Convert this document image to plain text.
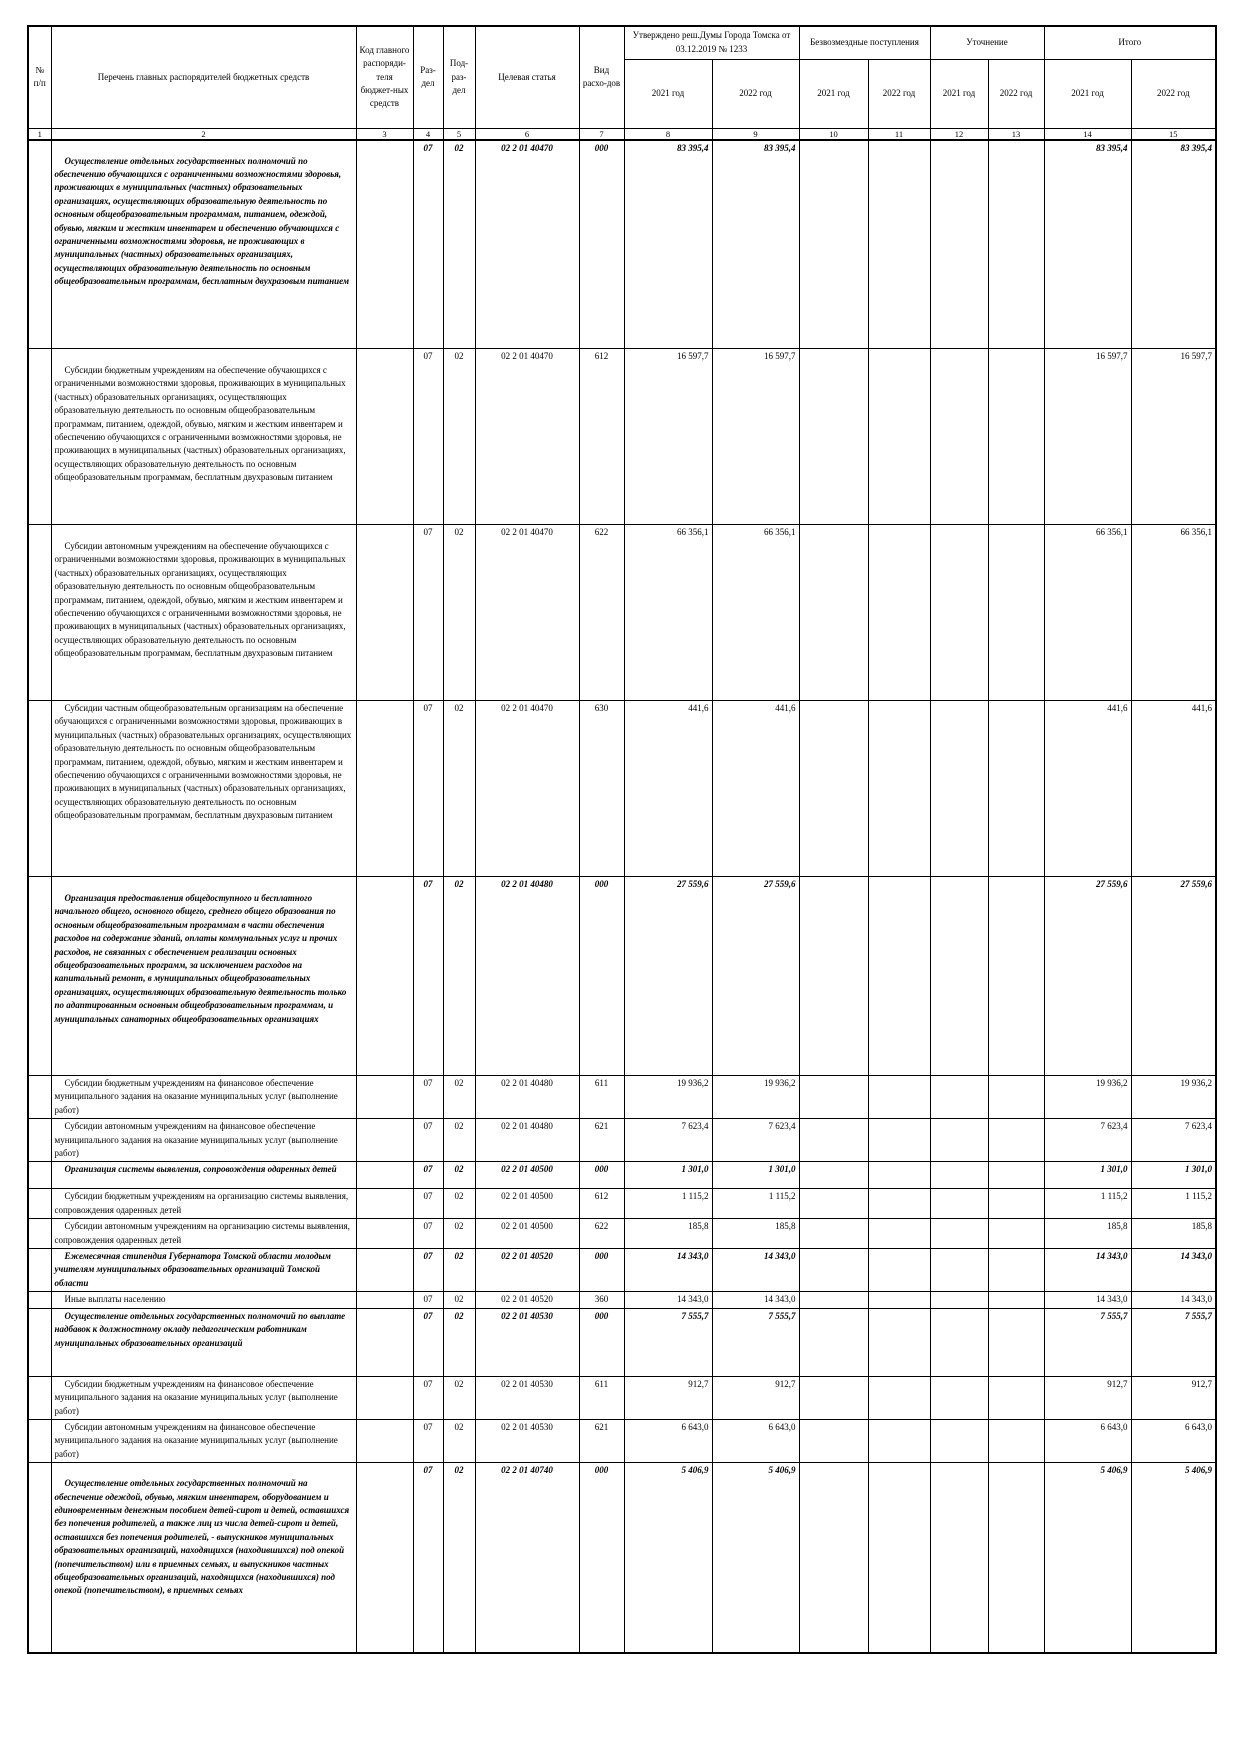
№ п/п	Перечень главных распорядителей бюджетных средств	Код главного распоряди-теля бюджет-ных средств	Раз-дел	Под-раз-дел	Целевая статья	Вид расхо-дов	Утверждено реш.Думы Города Томска от 03.12.2019 № 1233		Безвозмездные поступления		Уточнение		Итого	
							2021 год	2022 год	2021 год	2022 год	2021 год	2022 год	2021 год	2022 год
1	2	3	4	5	6	7	8	9	10	11	12	13	14	15
	Осуществление отдельных государственных полномочий по обеспечению обучающихся с ограниченными возможностями здоровья, проживающих в муниципальных (частных) образовательных организациях, осуществляющих образовательную деятельность по основным общеобразовательным программам, питанием, одеждой, обувью, мягким и жестким инвентарем и обеспечению обучающихся с ограниченными возможностями здоровья, не проживающих в муниципальных (частных) образовательных организациях, осуществляющих образовательную деятельность по основным общеобразовательным программам, бесплатным двухразовым питанием		07	02	02 2 01 40470	000	83 395,4	83 395,4					83 395,4	83 395,4
	Субсидии бюджетным учреждениям на обеспечение обучающихся с ограниченными возможностями здоровья, проживающих в муниципальных (частных) образовательных организациях, осуществляющих образовательную деятельность по основным общеобразовательным программам, питанием, одеждой, обувью, мягким и жестким инвентарем и обеспечению обучающихся с ограниченными возможностями здоровья, не проживающих в муниципальных (частных) образовательных организациях, осуществляющих образовательную деятельность по основным общеобразовательным программам, бесплатным двухразовым питанием		07	02	02 2 01 40470	612	16 597,7	16 597,7					16 597,7	16 597,7
	Субсидии автономным учреждениям на обеспечение обучающихся с ограниченными возможностями здоровья, проживающих в муниципальных (частных) образовательных организациях, осуществляющих образовательную деятельность по основным общеобразовательным программам, питанием, одеждой, обувью, мягким и жестким инвентарем и обеспечению обучающихся с ограниченными возможностями здоровья, не проживающих в муниципальных (частных) образовательных организациях, осуществляющих образовательную деятельность по основным общеобразовательным программам, бесплатным двухразовым питанием		07	02	02 2 01 40470	622	66 356,1	66 356,1					66 356,1	66 356,1
	Субсидии частным общеобразовательным организациям на обеспечение обучающихся с ограниченными возможностями здоровья, проживающих в муниципальных (частных) образовательных организациях, осуществляющих образовательную деятельность по основным общеобразовательным программам, питанием, одеждой, обувью, мягким и жестким инвентарем и обеспечению обучающихся с ограниченными возможностями здоровья, не проживающих в муниципальных (частных) образовательных организациях, осуществляющих образовательную деятельность по основным общеобразовательным программам, бесплатным двухразовым питанием		07	02	02 2 01 40470	630	441,6	441,6					441,6	441,6
	Организация предоставления общедоступного и бесплатного начального общего, основного общего, среднего общего образования по основным общеобразовательным программам в части обеспечения расходов на содержание зданий, оплаты коммунальных услуг и прочих расходов, не связанных с обеспечением реализации основных общеобразовательных программ, за исключением расходов на капитальный ремонт, в муниципальных общеобразовательных организациях, осуществляющих образовательную деятельность только по адаптированным основным общеобразовательным программам, и муниципальных санаторных общеобразовательных организациях		07	02	02 2 01 40480	000	27 559,6	27 559,6					27 559,6	27 559,6
	Субсидии бюджетным учреждениям на финансовое обеспечение муниципального задания на оказание муниципальных услуг (выполнение работ)		07	02	02 2 01 40480	611	19 936,2	19 936,2					19 936,2	19 936,2
	Субсидии автономным учреждениям на финансовое обеспечение муниципального задания на оказание муниципальных услуг (выполнение работ)		07	02	02 2 01 40480	621	7 623,4	7 623,4					7 623,4	7 623,4
	Организация системы выявления, сопровождения одаренных детей		07	02	02 2 01 40500	000	1 301,0	1 301,0					1 301,0	1 301,0
	Субсидии бюджетным учреждениям на организацию системы выявления, сопровождения одаренных детей		07	02	02 2 01 40500	612	1 115,2	1 115,2					1 115,2	1 115,2
	Субсидии автономным учреждениям на организацию системы выявления, сопровождения одаренных детей		07	02	02 2 01 40500	622	185,8	185,8					185,8	185,8
	Ежемесячная стипендия Губернатора Томской области молодым учителям муниципальных образовательных организаций Томской области		07	02	02 2 01 40520	000	14 343,0	14 343,0					14 343,0	14 343,0
	Иные выплаты населению		07	02	02 2 01 40520	360	14 343,0	14 343,0					14 343,0	14 343,0
	Осуществление отдельных государственных полномочий по выплате надбавок к должностному окладу педагогическим работникам муниципальных образовательных организаций		07	02	02 2 01 40530	000	7 555,7	7 555,7					7 555,7	7 555,7
	Субсидии бюджетным учреждениям на финансовое обеспечение муниципального задания на оказание муниципальных услуг (выполнение работ)		07	02	02 2 01 40530	611	912,7	912,7					912,7	912,7
	Субсидии автономным учреждениям на финансовое обеспечение муниципального задания на оказание муниципальных услуг (выполнение работ)		07	02	02 2 01 40530	621	6 643,0	6 643,0					6 643,0	6 643,0
	Осуществление отдельных государственных полномочий на обеспечение одеждой, обувью, мягким инвентарем, оборудованием и единовременным денежным пособием детей-сирот и детей, оставшихся без попечения родителей, а также лиц из числа детей-сирот и детей, оставшихся без попечения родителей, - выпускников муниципальных образовательных организаций, находящихся (находившихся) под опекой (попечительством) или в приемных семьях, и выпускников частных общеобразовательных организаций, находящихся (находившихся) под опекой (попечительством), в приемных семьях		07	02	02 2 01 40740	000	5 406,9	5 406,9					5 406,9	5 406,9
